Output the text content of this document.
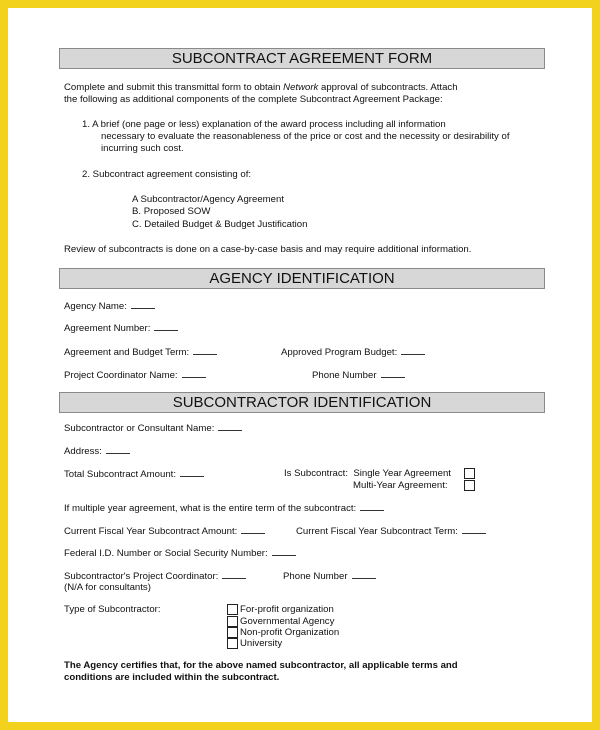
SUBCONTRACT AGREEMENT FORM
Complete and submit this transmittal form to obtain Network approval of subcontracts. Attach
the following as additional components of the complete Subcontract Agreement Package:
1. A brief (one page or less) explanation of the award process including all information
necessary to evaluate the reasonableness of the price or cost and the necessity or desirability of
incurring such cost.
2. Subcontract agreement consisting of:
A Subcontractor/Agency Agreement
B. Proposed SOW
C. Detailed Budget & Budget Justification
Review of subcontracts is done on a case-by-case basis and may require additional information.
AGENCY IDENTIFICATION
Agency Name:
Agreement Number:
Agreement and Budget Term:	Approved Program Budget:
Project Coordinator Name:	Phone Number
SUBCONTRACTOR IDENTIFICATION
Subcontractor or Consultant Name:
Address:
Total Subcontract Amount:	Is Subcontract: Single Year Agreement
Multi-Year Agreement:
If multiple year agreement, what is the entire term of the subcontract:
Current Fiscal Year Subcontract Amount:	Current Fiscal Year Subcontract Term:
Federal I.D. Number or Social Security Number:
Subcontractor's Project Coordinator:	Phone Number
(N/A for consultants)
Type of Subcontractor:	For-profit organization
Governmental Agency
Non-profit Organization
University
The Agency certifies that, for the above named subcontractor, all applicable terms and
conditions are included within the subcontract.
